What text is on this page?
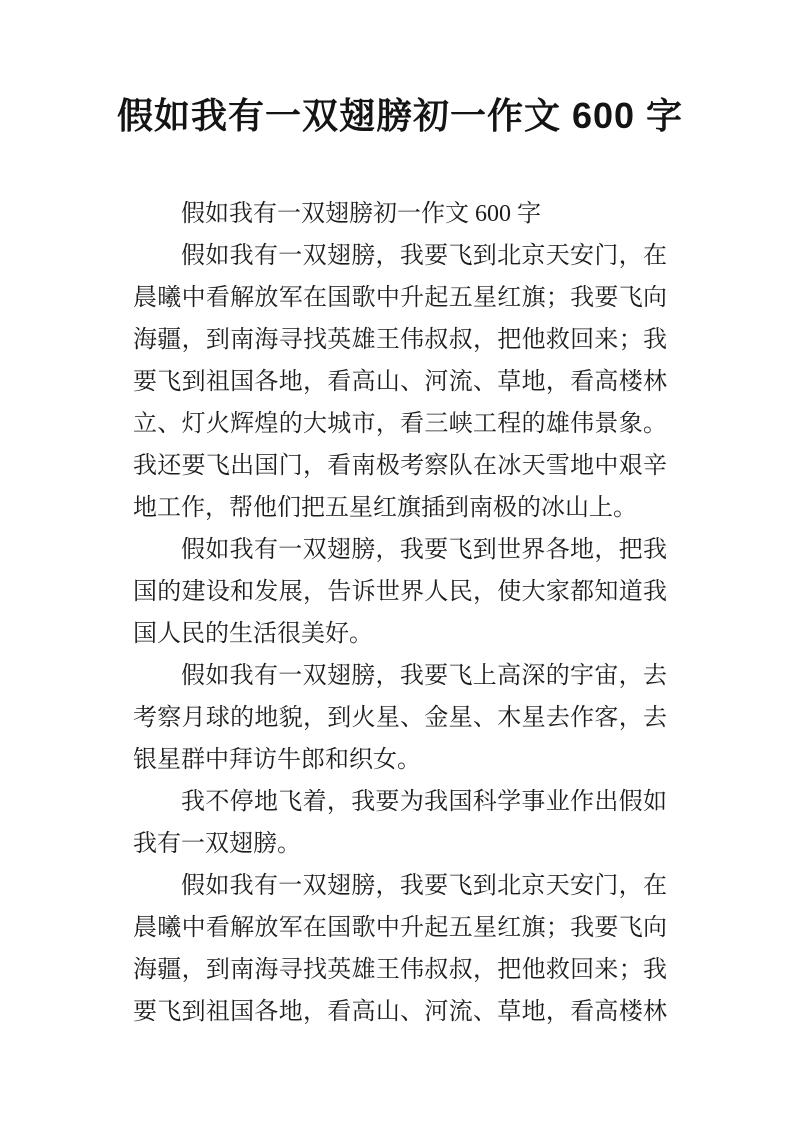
假如我有一双翅膀初一作文 600 字
假如我有一双翅膀初一作文 600 字
假如我有一双翅膀，我要飞到北京天安门，在
晨曦中看解放军在国歌中升起五星红旗；我要飞向
海疆，到南海寻找英雄王伟叔叔，把他救回来；我
要飞到祖国各地，看高山、河流、草地，看高楼林
立、灯火辉煌的大城市，看三峡工程的雄伟景象。
我还要飞出国门，看南极考察队在冰天雪地中艰辛
地工作，帮他们把五星红旗插到南极的冰山上。
假如我有一双翅膀，我要飞到世界各地，把我
国的建设和发展，告诉世界人民，使大家都知道我
国人民的生活很美好。
假如我有一双翅膀，我要飞上高深的宇宙，去
考察月球的地貌，到火星、金星、木星去作客，去
银星群中拜访牛郎和织女。
我不停地飞着，我要为我国科学事业作出假如
我有一双翅膀。
假如我有一双翅膀，我要飞到北京天安门，在
晨曦中看解放军在国歌中升起五星红旗；我要飞向
海疆，到南海寻找英雄王伟叔叔，把他救回来；我
要飞到祖国各地，看高山、河流、草地，看高楼林
